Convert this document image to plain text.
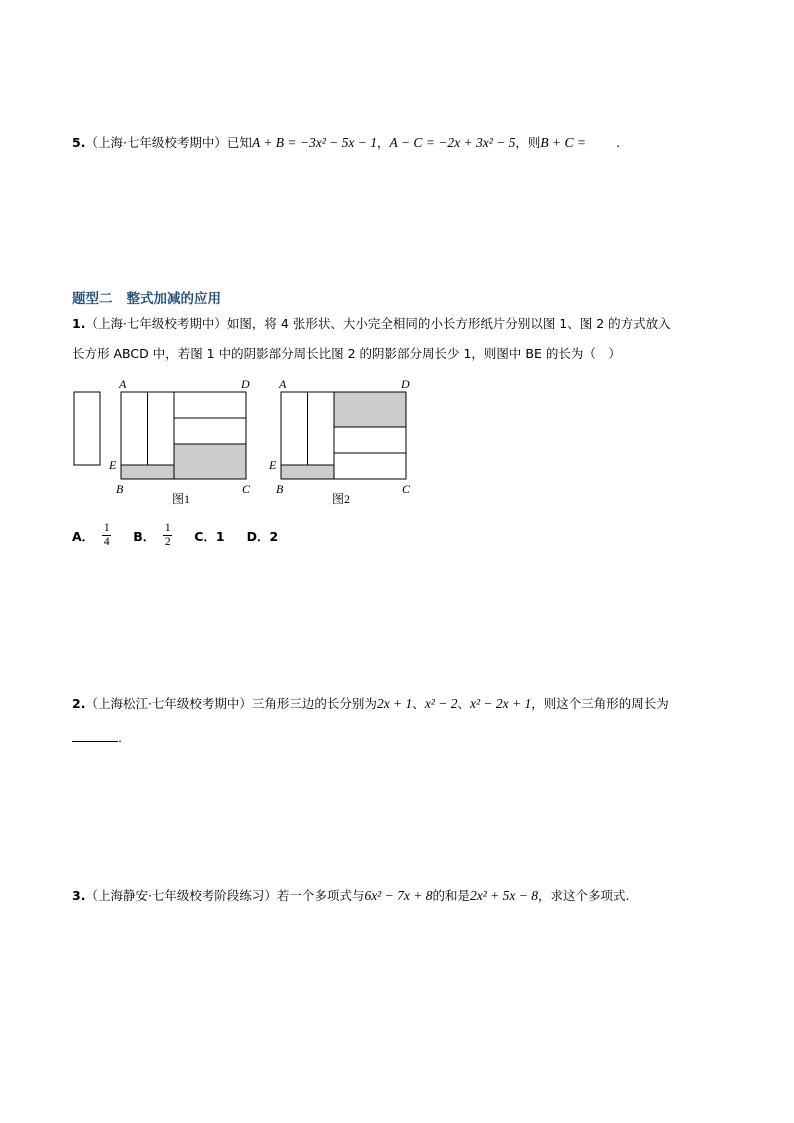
5.（上海·七年级校考期中）已知A + B = −3x² − 5x − 1，A − C = −2x + 3x² − 5，则B + C = .
题型二 整式加减的应用
1.（上海·七年级校考期中）如图，将 4 张形状、大小完全相同的小长方形纸片分别以图 1、图 2 的方式放入
长方形 ABCD 中，若图 1 中的阴影部分周长比图 2 的阴影部分周长少 1，则图中 BE 的长为（　）
A	D
E
B	C
图1
A	D
E
B	C
图2
A． $\frac{1}{4}$ B． $\frac{1}{2}$ C．1 D．2
2.（上海松江·七年级校考期中）三角形三边的长分别为2x + 1、x² − 2、x² − 2x + 1，则这个三角形的周长为
.
3.（上海静安·七年级校考阶段练习）若一个多项式与6x² − 7x + 8的和是2x² + 5x − 8，求这个多项式.
